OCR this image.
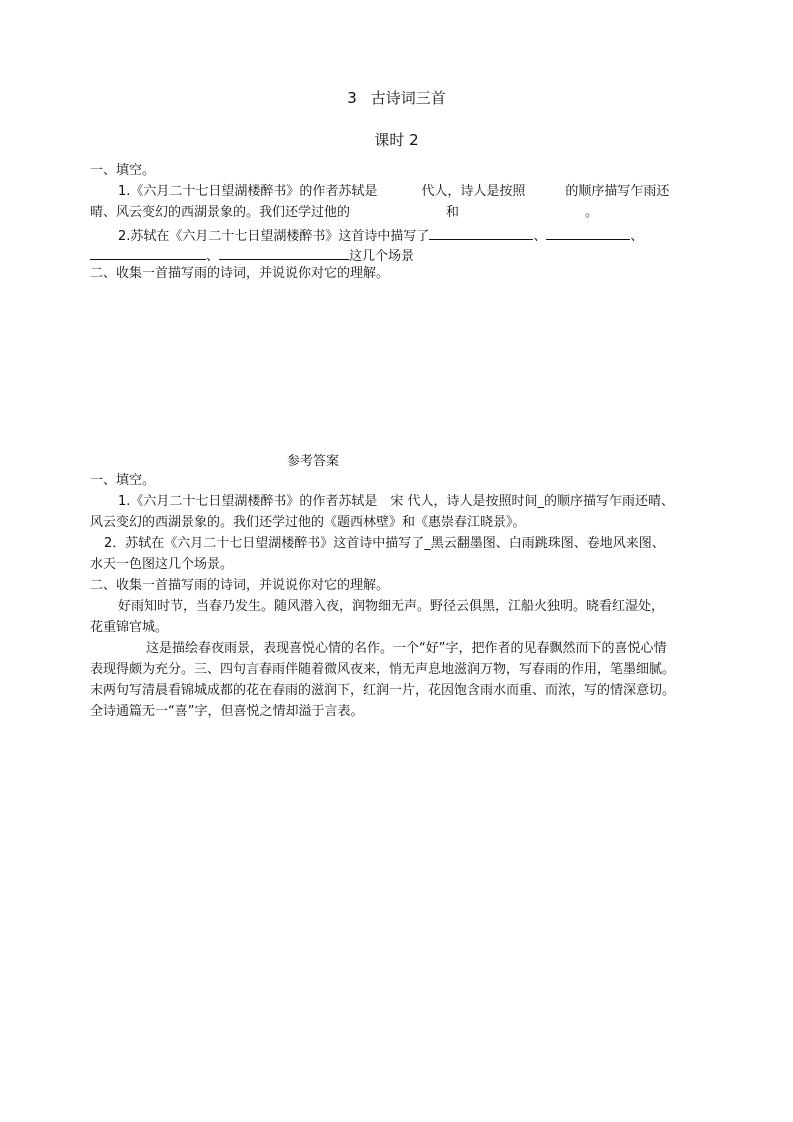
3 古诗词三首
课时 2
一、填空。
1.《六月二十七日望湖楼醉书》的作者苏轼是	代人，诗人是按照	的顺序描写乍雨还
晴、风云变幻的西湖景象的。我们还学过他的	和	。
2.苏轼在《六月二十七日望湖楼醉书》这首诗中描写了	、	、
、	这几个场景
二、收集一首描写雨的诗词，并说说你对它的理解。
参考答案
一、填空。
1.《六月二十七日望湖楼醉书》的作者苏轼是　宋 代人，诗人是按照时间_的顺序描写乍雨还晴、
风云变幻的西湖景象的。我们还学过他的《题西林壁》和《惠崇春江晓景》。
2．苏轼在《六月二十七日望湖楼醉书》这首诗中描写了_黑云翻墨图、白雨跳珠图、卷地风来图、
水天一色图这几个场景。
二、收集一首描写雨的诗词，并说说你对它的理解。
好雨知时节，当春乃发生。随风潜入夜，润物细无声。野径云俱黑，江船火独明。晓看红湿处，
花重锦官城。
这是描绘春夜雨景，表现喜悦心情的名作。一个“好”字，把作者的见春飘然而下的喜悦心情
表现得颇为充分。三、四句言春雨伴随着微风夜来，悄无声息地滋润万物，写春雨的作用，笔墨细腻。
末两句写清晨看锦城成都的花在春雨的滋润下，红润一片，花因饱含雨水而重、而浓，写的情深意切。
全诗通篇无一“喜”字，但喜悦之情却溢于言表。
